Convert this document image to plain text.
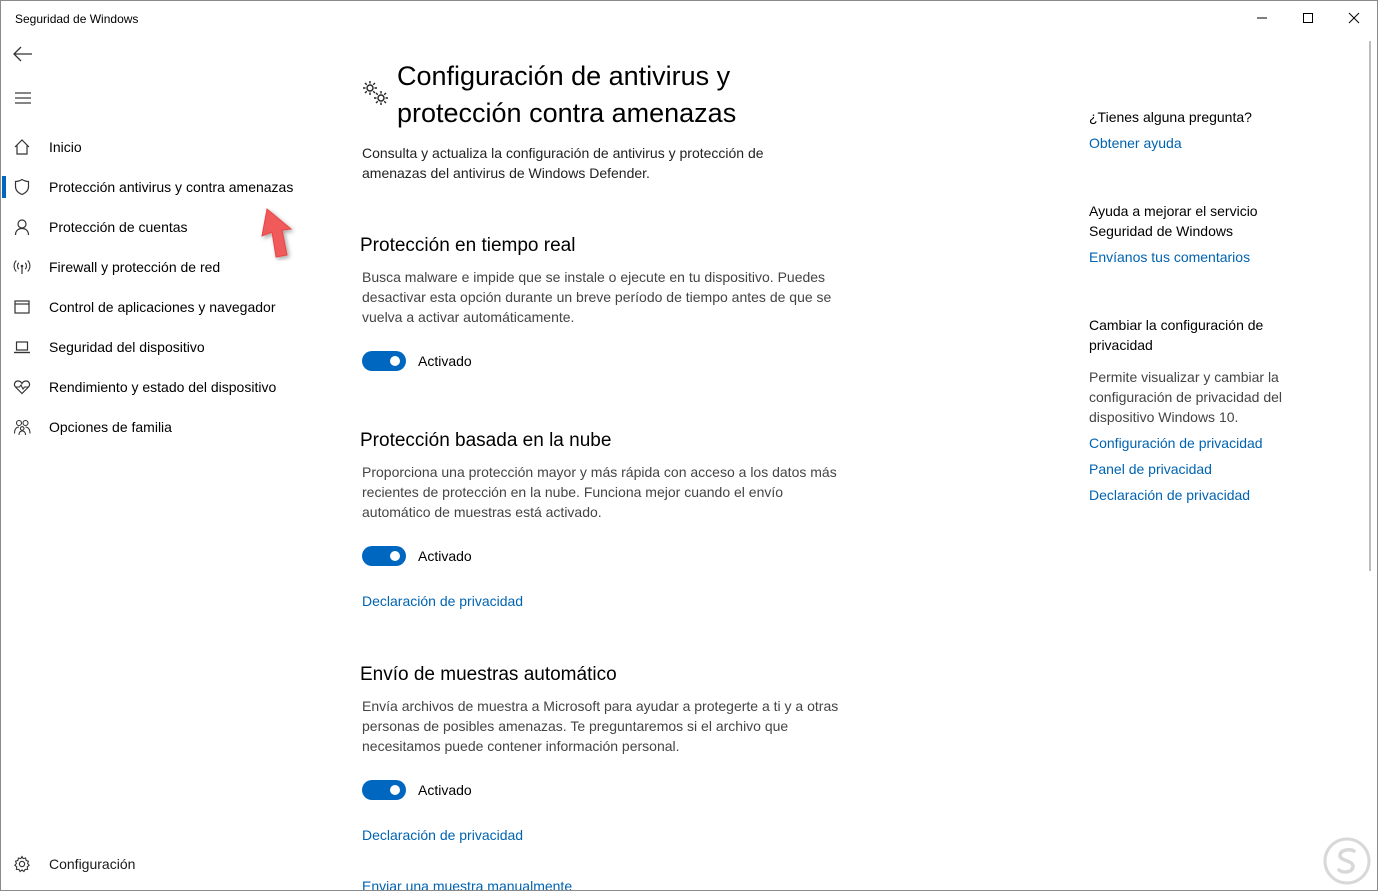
Seguridad de Windows
Inicio
Protección antivirus y contra amenazas
Protección de cuentas
Firewall y protección de red
Control de aplicaciones y navegador
Seguridad del dispositivo
Rendimiento y estado del dispositivo
Opciones de familia
Configuración
Configuración de antivirus y protección contra amenazas

Consulta y actualiza la configuración de antivirus y protección de amenazas del antivirus de Windows Defender.

Protección en tiempo real

Busca malware e impide que se instale o ejecute en tu dispositivo. Puedes desactivar esta opción durante un breve período de tiempo antes de que se vuelva a activar automáticamente.

Activado
Protección basada en la nube

Proporciona una protección mayor y más rápida con acceso a los datos más recientes de protección en la nube. Funciona mejor cuando el envío automático de muestras está activado.

Activado
Declaración de privacidad
Envío de muestras automático

Envía archivos de muestra a Microsoft para ayudar a protegerte a ti y a otras personas de posibles amenazas. Te preguntaremos si el archivo que necesitamos puede contener información personal.

Activado
Declaración de privacidad
Enviar una muestra manualmente
¿Tienes alguna pregunta?
Obtener ayuda
Ayuda a mejorar el servicio Seguridad de Windows
Envíanos tus comentarios
Cambiar la configuración de privacidad
Permite visualizar y cambiar la configuración de privacidad del dispositivo Windows 10.
Configuración de privacidad
Panel de privacidad
Declaración de privacidad
